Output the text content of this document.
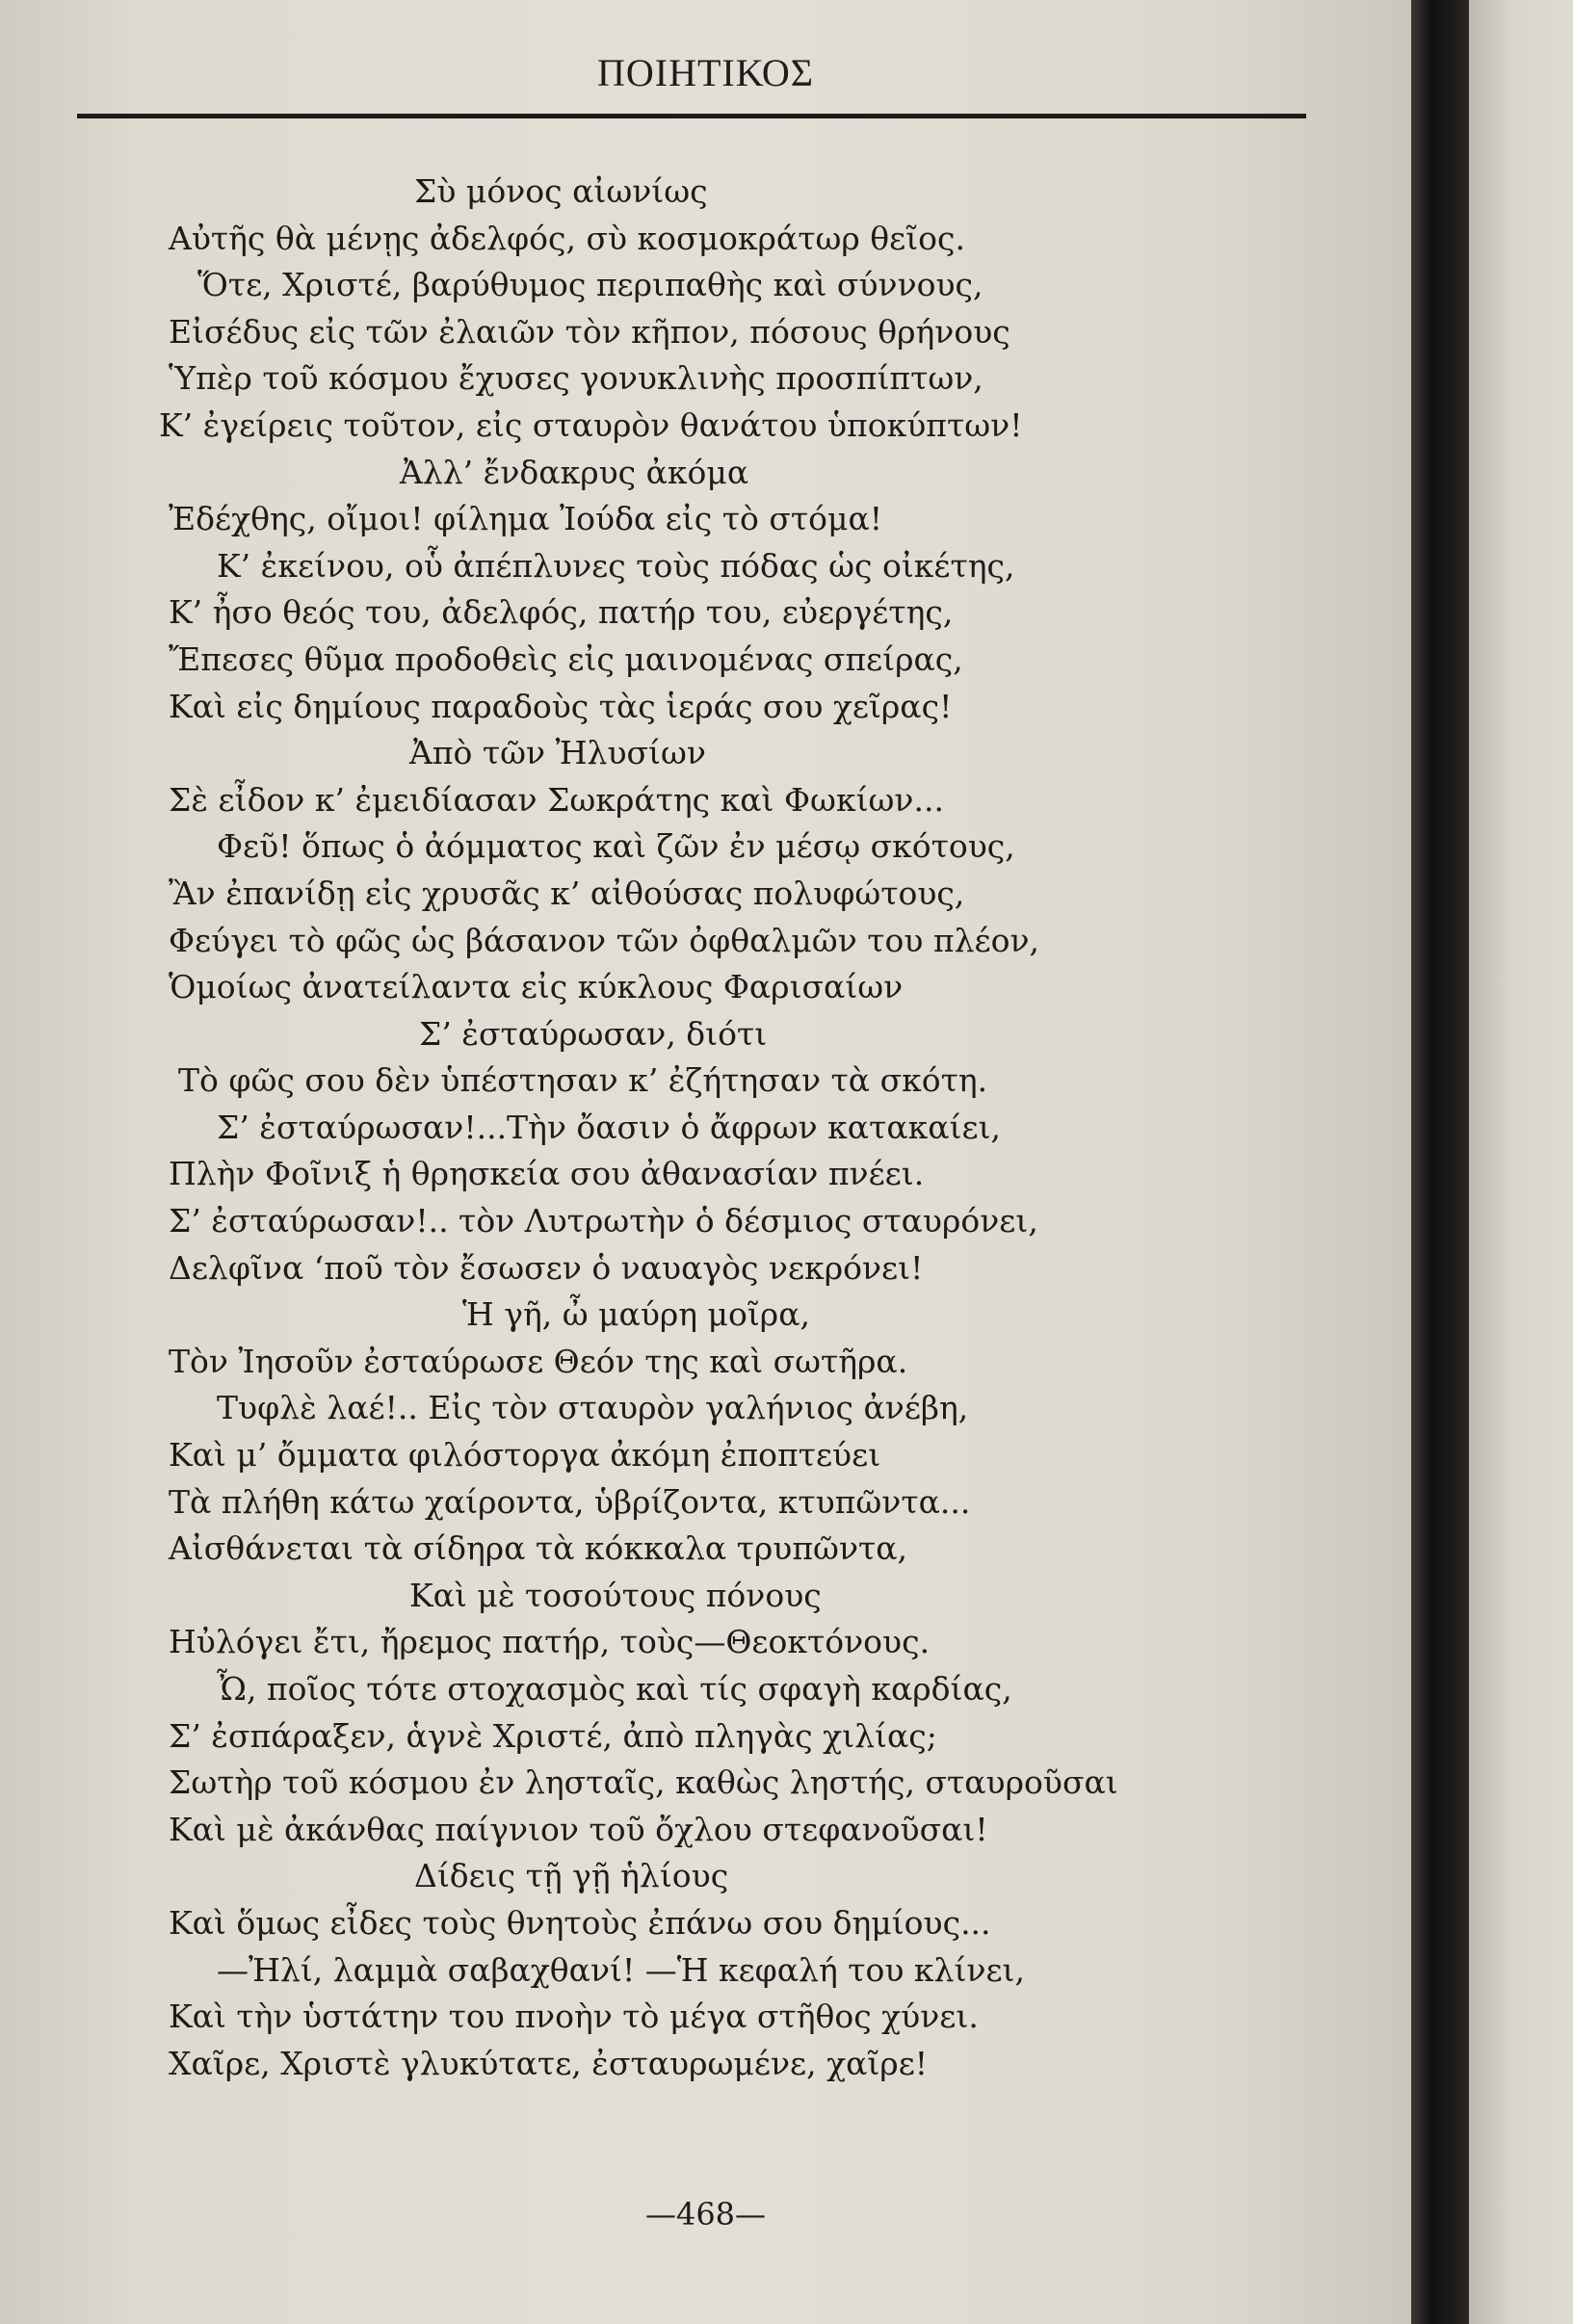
ΠΟΙΗΤΙΚΟΣ
Σὺ μόνος αἰωνίως
Αὐτῆς θὰ μένῃς ἀδελφός, σὺ κοσμοκράτωρ θεῖος.
Ὅτε, Χριστέ, βαρύθυμος περιπαθὴς καὶ σύννους,
Εἰσέδυς εἰς τῶν ἐλαιῶν τὸν κῆπον, πόσους θρήνους
Ὑπὲρ τοῦ κόσμου ἔχυσες γονυκλινὴς προσπίπτων,
Κ’ ἐγείρεις τοῦτον, εἰς σταυρὸν θανάτου ὑποκύπτων!
Ἀλλ’ ἔνδακρυς ἀκόμα
Ἐδέχθης, οἴμοι! φίλημα Ἰούδα εἰς τὸ στόμα!
Κ’ ἐκείνου, οὗ ἀπέπλυνες τοὺς πόδας ὡς οἰκέτης,
Κ’ ἦσο θεός του, ἀδελφός, πατήρ του, εὐεργέτης,
Ἔπεσες θῦμα προδοθεὶς εἰς μαινομένας σπείρας,
Καὶ εἰς δημίους παραδοὺς τὰς ἱεράς σου χεῖρας!
Ἀπὸ τῶν Ἠλυσίων
Σὲ εἶδον κ’ ἐμειδίασαν Σωκράτης καὶ Φωκίων...
Φεῦ! ὅπως ὁ ἀόμματος καὶ ζῶν ἐν μέσῳ σκότους,
Ἂν ἐπανίδῃ εἰς χρυσᾶς κ’ αἰθούσας πολυφώτους,
Φεύγει τὸ φῶς ὡς βάσανον τῶν ὀφθαλμῶν του πλέον,
Ὁμοίως ἀνατείλαντα εἰς κύκλους Φαρισαίων
Σ’ ἐσταύρωσαν, διότι
Τὸ φῶς σου δὲν ὑπέστησαν κ’ ἐζήτησαν τὰ σκότη.
Σ’ ἐσταύρωσαν!...Τὴν ὄασιν ὁ ἄφρων κατακαίει,
Πλὴν Φοῖνιξ ἡ θρησκεία σου ἀθανασίαν πνέει.
Σ’ ἐσταύρωσαν!.. τὸν Λυτρωτὴν ὁ δέσμιος σταυρόνει,
Δελφῖνα ‘ποῦ τὸν ἔσωσεν ὁ ναυαγὸς νεκρόνει!
Ἡ γῆ, ὦ μαύρη μοῖρα,
Τὸν Ἰησοῦν ἐσταύρωσε Θεόν της καὶ σωτῆρα.
Τυφλὲ λαέ!.. Εἰς τὸν σταυρὸν γαλήνιος ἀνέβη,
Καὶ μ’ ὄμματα φιλόστοργα ἀκόμη ἐποπτεύει
Τὰ πλήθη κάτω χαίροντα, ὑβρίζοντα, κτυπῶντα...
Αἰσθάνεται τὰ σίδηρα τὰ κόκκαλα τρυπῶντα,
Καὶ μὲ τοσούτους πόνους
Ηὐλόγει ἔτι, ἤρεμος πατήρ, τοὺς—Θεοκτόνους.
Ὦ, ποῖος τότε στοχασμὸς καὶ τίς σφαγὴ καρδίας,
Σ’ ἐσπάραξεν, ἁγνὲ Χριστέ, ἀπὸ πληγὰς χιλίας;
Σωτὴρ τοῦ κόσμου ἐν λησταῖς, καθὼς ληστής, σταυροῦσαι
Καὶ μὲ ἀκάνθας παίγνιον τοῦ ὄχλου στεφανοῦσαι!
Δίδεις τῇ γῇ ἡλίους
Καὶ ὅμως εἶδες τοὺς θνητοὺς ἐπάνω σου δημίους...
—Ἠλί, λαμμὰ σαβαχθανί! —Ἡ κεφαλή του κλίνει,
Καὶ τὴν ὑστάτην του πνοὴν τὸ μέγα στῆθος χύνει.
Χαῖρε, Χριστὲ γλυκύτατε, ἐσταυρωμένε, χαῖρε!
—468—
